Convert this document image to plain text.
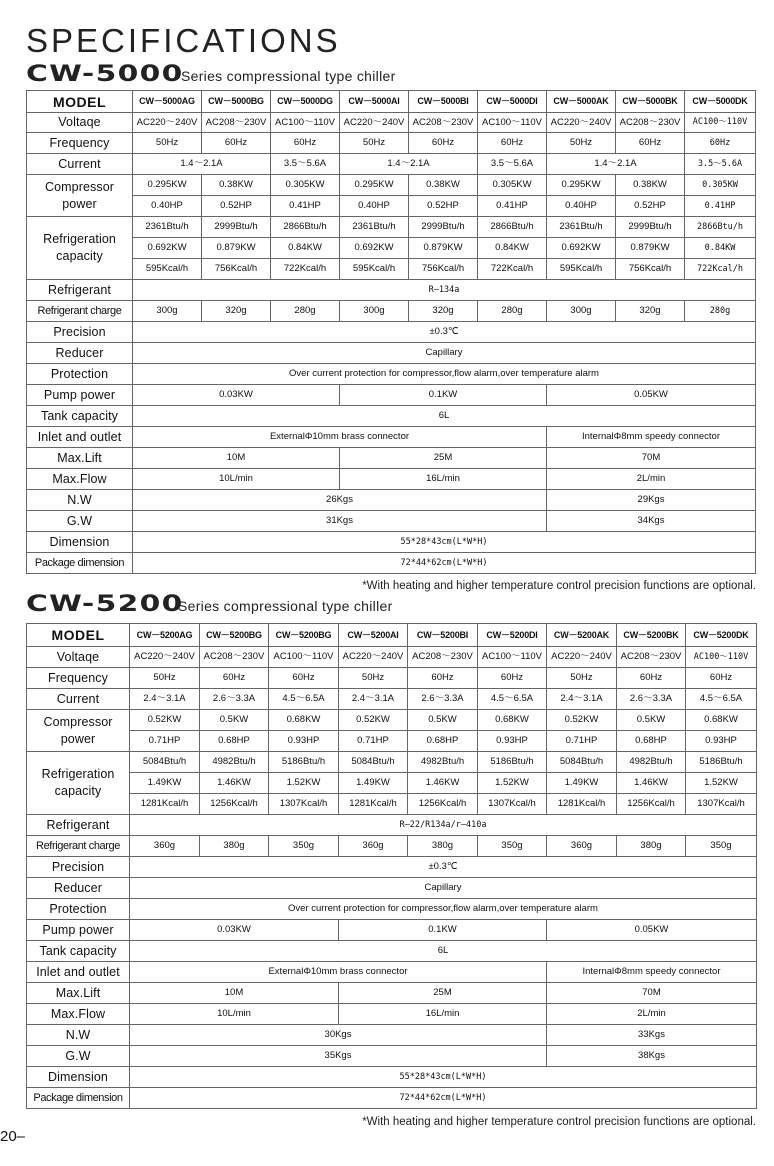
SPECIFICATIONS
CW-5000
Series compressional type chiller
MODEL	CW－5000AG	CW－5000BG	CW－5000DG	CW－5000AI	CW－5000BI	CW－5000DI	CW－5000AK	CW－5000BK	CW－5000DK
Voltaqe	AC220～240V	AC208～230V	AC100～110V	AC220～240V	AC208～230V	AC100～110V	AC220～240V	AC208～230V	AC100～110V
Frequency	50Hz	60Hz	60Hz	50Hz	60Hz	60Hz	50Hz	60Hz	60Hz
Current	1.4～2.1A		3.5～5.6A	1.4～2.1A		3.5～5.6A	1.4～2.1A		3.5～5.6A
Compressor power	0.295KW	0.38KW	0.305KW	0.295KW	0.38KW	0.305KW	0.295KW	0.38KW	0.305KW
	0.40HP	0.52HP	0.41HP	0.40HP	0.52HP	0.41HP	0.40HP	0.52HP	0.41HP
Refrigeration capacity	2361Btu/h	2999Btu/h	2866Btu/h	2361Btu/h	2999Btu/h	2866Btu/h	2361Btu/h	2999Btu/h	2866Btu/h
	0.692KW	0.879KW	0.84KW	0.692KW	0.879KW	0.84KW	0.692KW	0.879KW	0.84KW
	595Kcal/h	756Kcal/h	722Kcal/h	595Kcal/h	756Kcal/h	722Kcal/h	595Kcal/h	756Kcal/h	722Kcal/h
Refrigerant	R–134a								
Refrigerant charge	300g	320g	280g	300g	320g	280g	300g	320g	280g
Precision	±0.3℃								
Reducer	Capillary								
Protection	Over current protection for compressor,flow alarm,over temperature alarm								
Pump power	0.03KW			0.1KW			0.05KW		
Tank capacity	6L								
Inlet and outlet	ExternalΦ10mm brass connector						InternalΦ8mm speedy connector		
Max.Lift	10M			25M			70M		
Max.Flow	10L/min			16L/min			2L/min		
N.W	26Kgs						29Kgs		
G.W	31Kgs						34Kgs		
Dimension	55*28*43cm(L*W*H)								
Package dimension	72*44*62cm(L*W*H)								
*With heating and higher temperature control precision functions are optional.
CW-5200
Series compressional type chiller
MODEL	CW－5200AG	CW－5200BG	CW－5200BG	CW－5200AI	CW－5200BI	CW－5200DI	CW－5200AK	CW－5200BK	CW－5200DK
Voltaqe	AC220～240V	AC208～230V	AC100～110V	AC220～240V	AC208～230V	AC100～110V	AC220～240V	AC208～230V	AC100～110V
Frequency	50Hz	60Hz	60Hz	50Hz	60Hz	60Hz	50Hz	60Hz	60Hz
Current	2.4～3.1A	2.6～3.3A	4.5～6.5A	2.4～3.1A	2.6～3.3A	4.5～6.5A	2.4～3.1A	2.6～3.3A	4.5～6.5A
Compressor power	0.52KW	0.5KW	0.68KW	0.52KW	0.5KW	0.68KW	0.52KW	0.5KW	0.68KW
	0.71HP	0.68HP	0.93HP	0.71HP	0.68HP	0.93HP	0.71HP	0.68HP	0.93HP
Refrigeration capacity	5084Btu/h	4982Btu/h	5186Btu/h	5084Btu/h	4982Btu/h	5186Btu/h	5084Btu/h	4982Btu/h	5186Btu/h
	1.49KW	1.46KW	1.52KW	1.49KW	1.46KW	1.52KW	1.49KW	1.46KW	1.52KW
	1281Kcal/h	1256Kcal/h	1307Kcal/h	1281Kcal/h	1256Kcal/h	1307Kcal/h	1281Kcal/h	1256Kcal/h	1307Kcal/h
Refrigerant	R–22/R134a/r–410a								
Refrigerant charge	360g	380g	350g	360g	380g	350g	360g	380g	350g
Precision	±0.3℃								
Reducer	Capillary								
Protection	Over current protection for compressor,flow alarm,over temperature alarm								
Pump power	0.03KW			0.1KW			0.05KW		
Tank capacity	6L								
Inlet and outlet	ExternalΦ10mm brass connector						InternalΦ8mm speedy connector		
Max.Lift	10M			25M			70M		
Max.Flow	10L/min			16L/min			2L/min		
N.W	30Kgs						33Kgs		
G.W	35Kgs						38Kgs		
Dimension	55*28*43cm(L*W*H)								
Package dimension	72*44*62cm(L*W*H)								
*With heating and higher temperature control precision functions are optional.
20–
